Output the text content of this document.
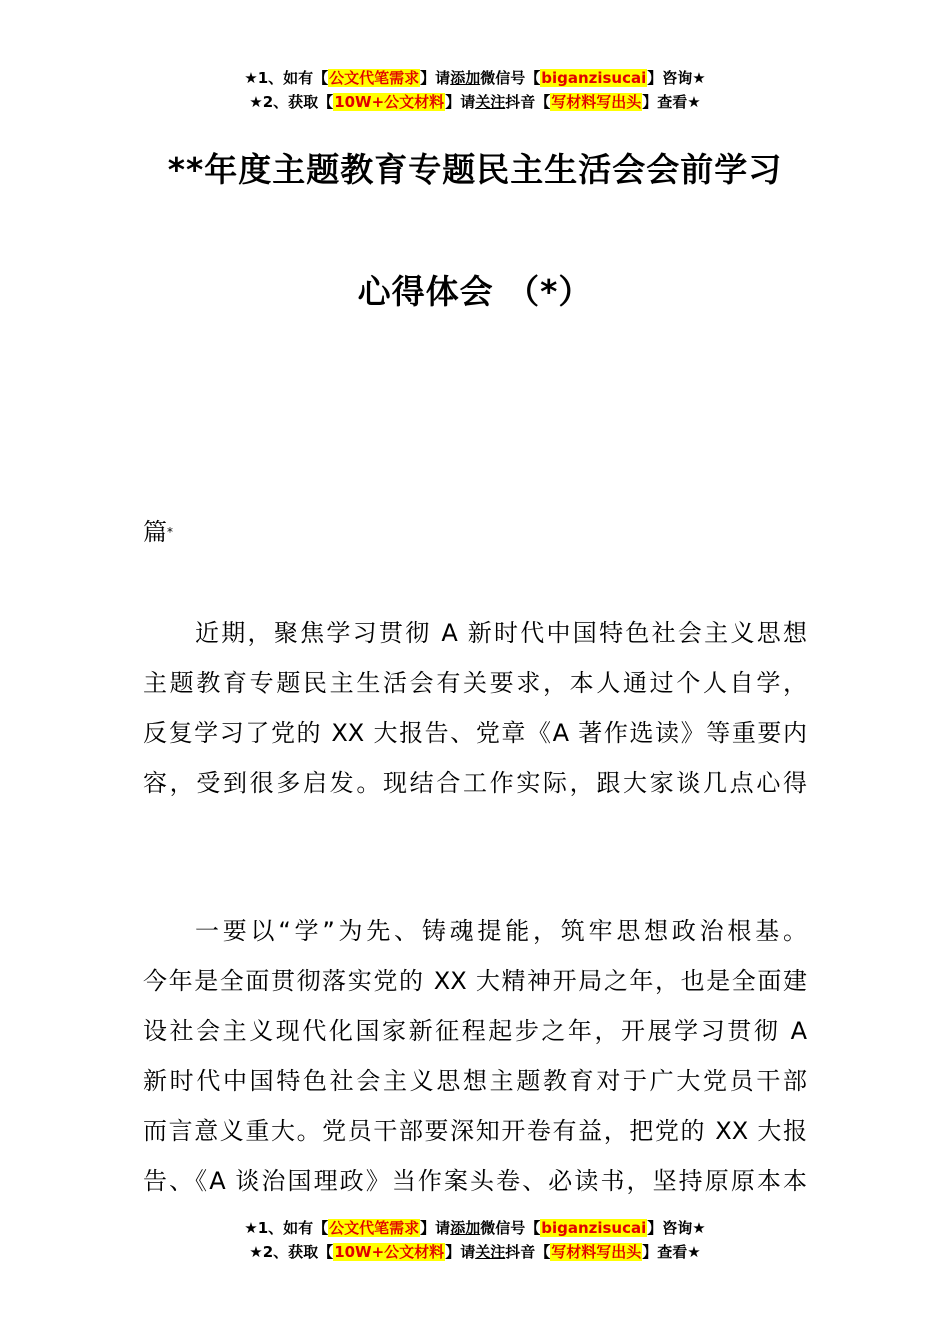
★1、如有【公文代笔需求】请添加微信号【biganzisucai】咨询★
★2、获取【10W+公文材料】请关注抖音【写材料写出头】查看★
**年度主题教育专题民主生活会会前学习
心得体会 （*）
篇*
近期，聚焦学习贯彻 A 新时代中国特色社会主义思想
主题教育专题民主生活会有关要求，本人通过个人自学，
反复学习了党的 XX 大报告、党章《A 著作选读》等重要内
容，受到很多启发。现结合工作实际，跟大家谈几点心得
一要以“学”为先、铸魂提能，筑牢思想政治根基。
今年是全面贯彻落实党的 XX 大精神开局之年，也是全面建
设社会主义现代化国家新征程起步之年，开展学习贯彻 A
新时代中国特色社会主义思想主题教育对于广大党员干部
而言意义重大。党员干部要深知开卷有益，把党的 XX 大报
告、《A 谈治国理政》当作案头卷、必读书，坚持原原本本
★1、如有【公文代笔需求】请添加微信号【biganzisucai】咨询★
★2、获取【10W+公文材料】请关注抖音【写材料写出头】查看★
